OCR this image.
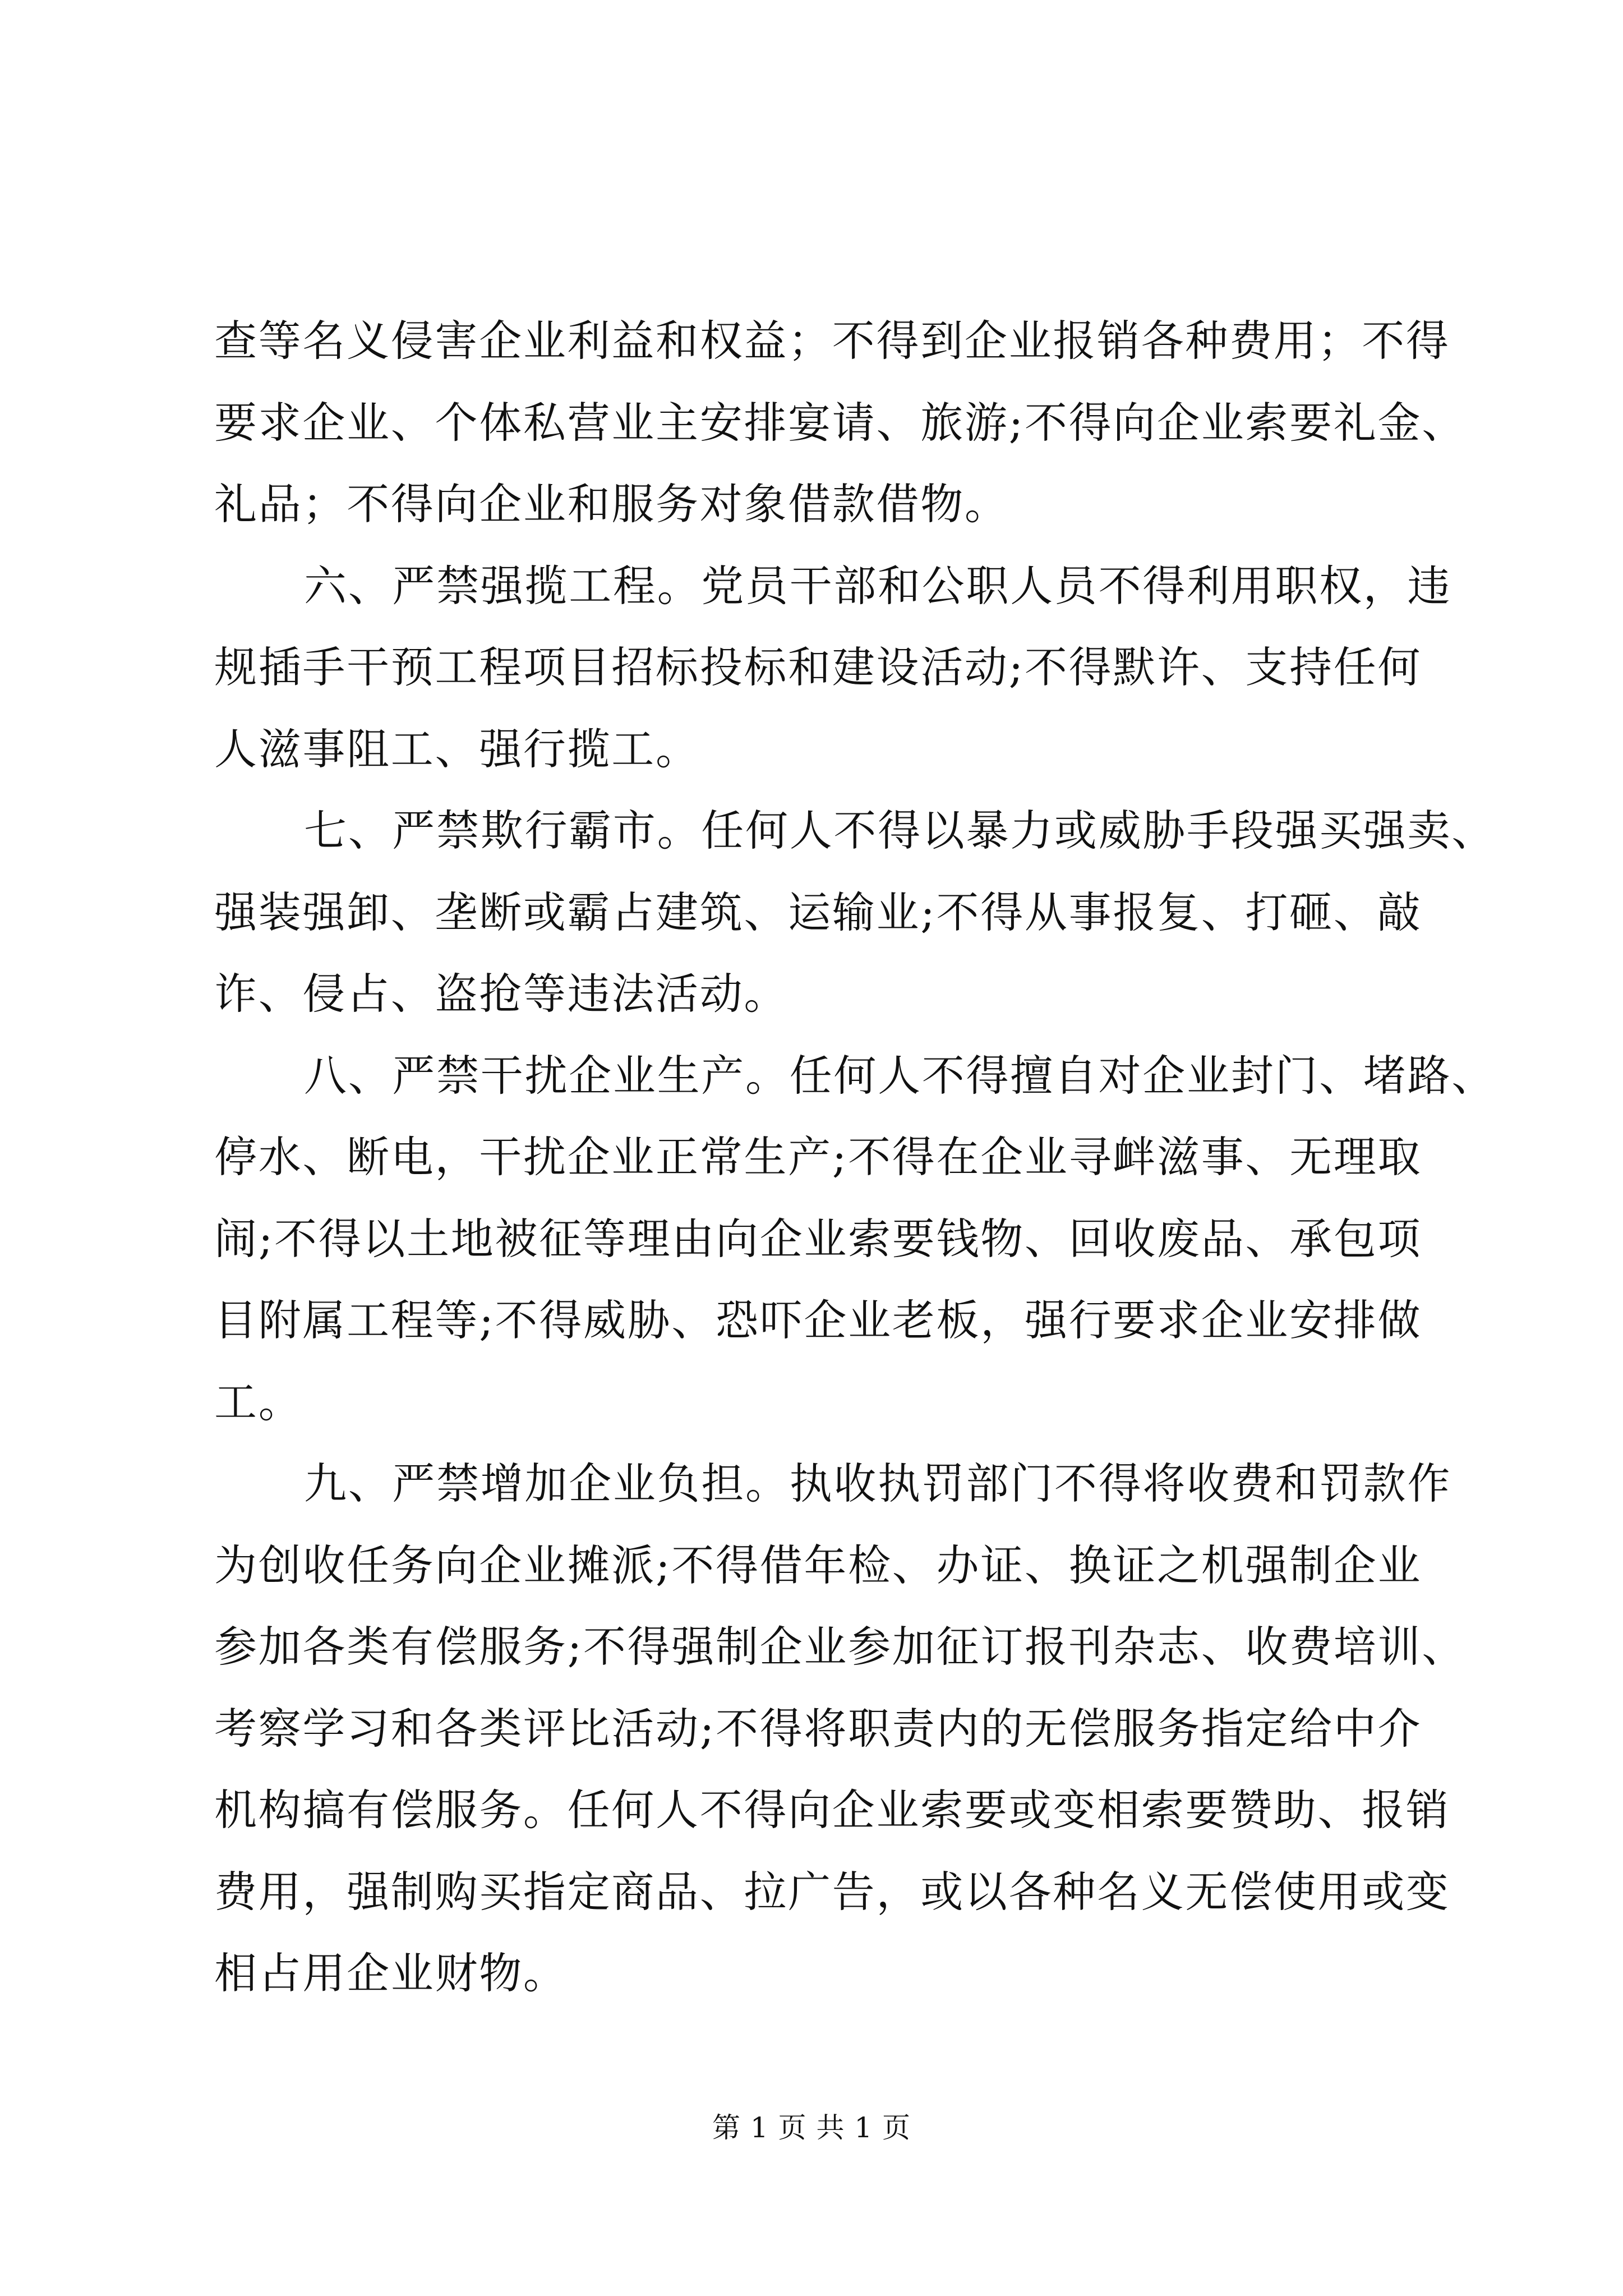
查等名义侵害企业利益和权益；不得到企业报销各种费用；不得
要求企业、个体私营业主安排宴请、旅游;不得向企业索要礼金、
礼品；不得向企业和服务对象借款借物。
六、严禁强揽工程。党员干部和公职人员不得利用职权，违
规插手干预工程项目招标投标和建设活动;不得默许、支持任何
人滋事阻工、强行揽工。
七、严禁欺行霸市。任何人不得以暴力或威胁手段强买强卖、
强装强卸、垄断或霸占建筑、运输业;不得从事报复、打砸、敲
诈、侵占、盗抢等违法活动。
八、严禁干扰企业生产。任何人不得擅自对企业封门、堵路、
停水、断电，干扰企业正常生产;不得在企业寻衅滋事、无理取
闹;不得以土地被征等理由向企业索要钱物、回收废品、承包项
目附属工程等;不得威胁、恐吓企业老板，强行要求企业安排做
工。
九、严禁增加企业负担。执收执罚部门不得将收费和罚款作
为创收任务向企业摊派;不得借年检、办证、换证之机强制企业
参加各类有偿服务;不得强制企业参加征订报刊杂志、收费培训、
考察学习和各类评比活动;不得将职责内的无偿服务指定给中介
机构搞有偿服务。任何人不得向企业索要或变相索要赞助、报销
费用，强制购买指定商品、拉广告，或以各种名义无偿使用或变
相占用企业财物。
第 1 页 共 1 页
